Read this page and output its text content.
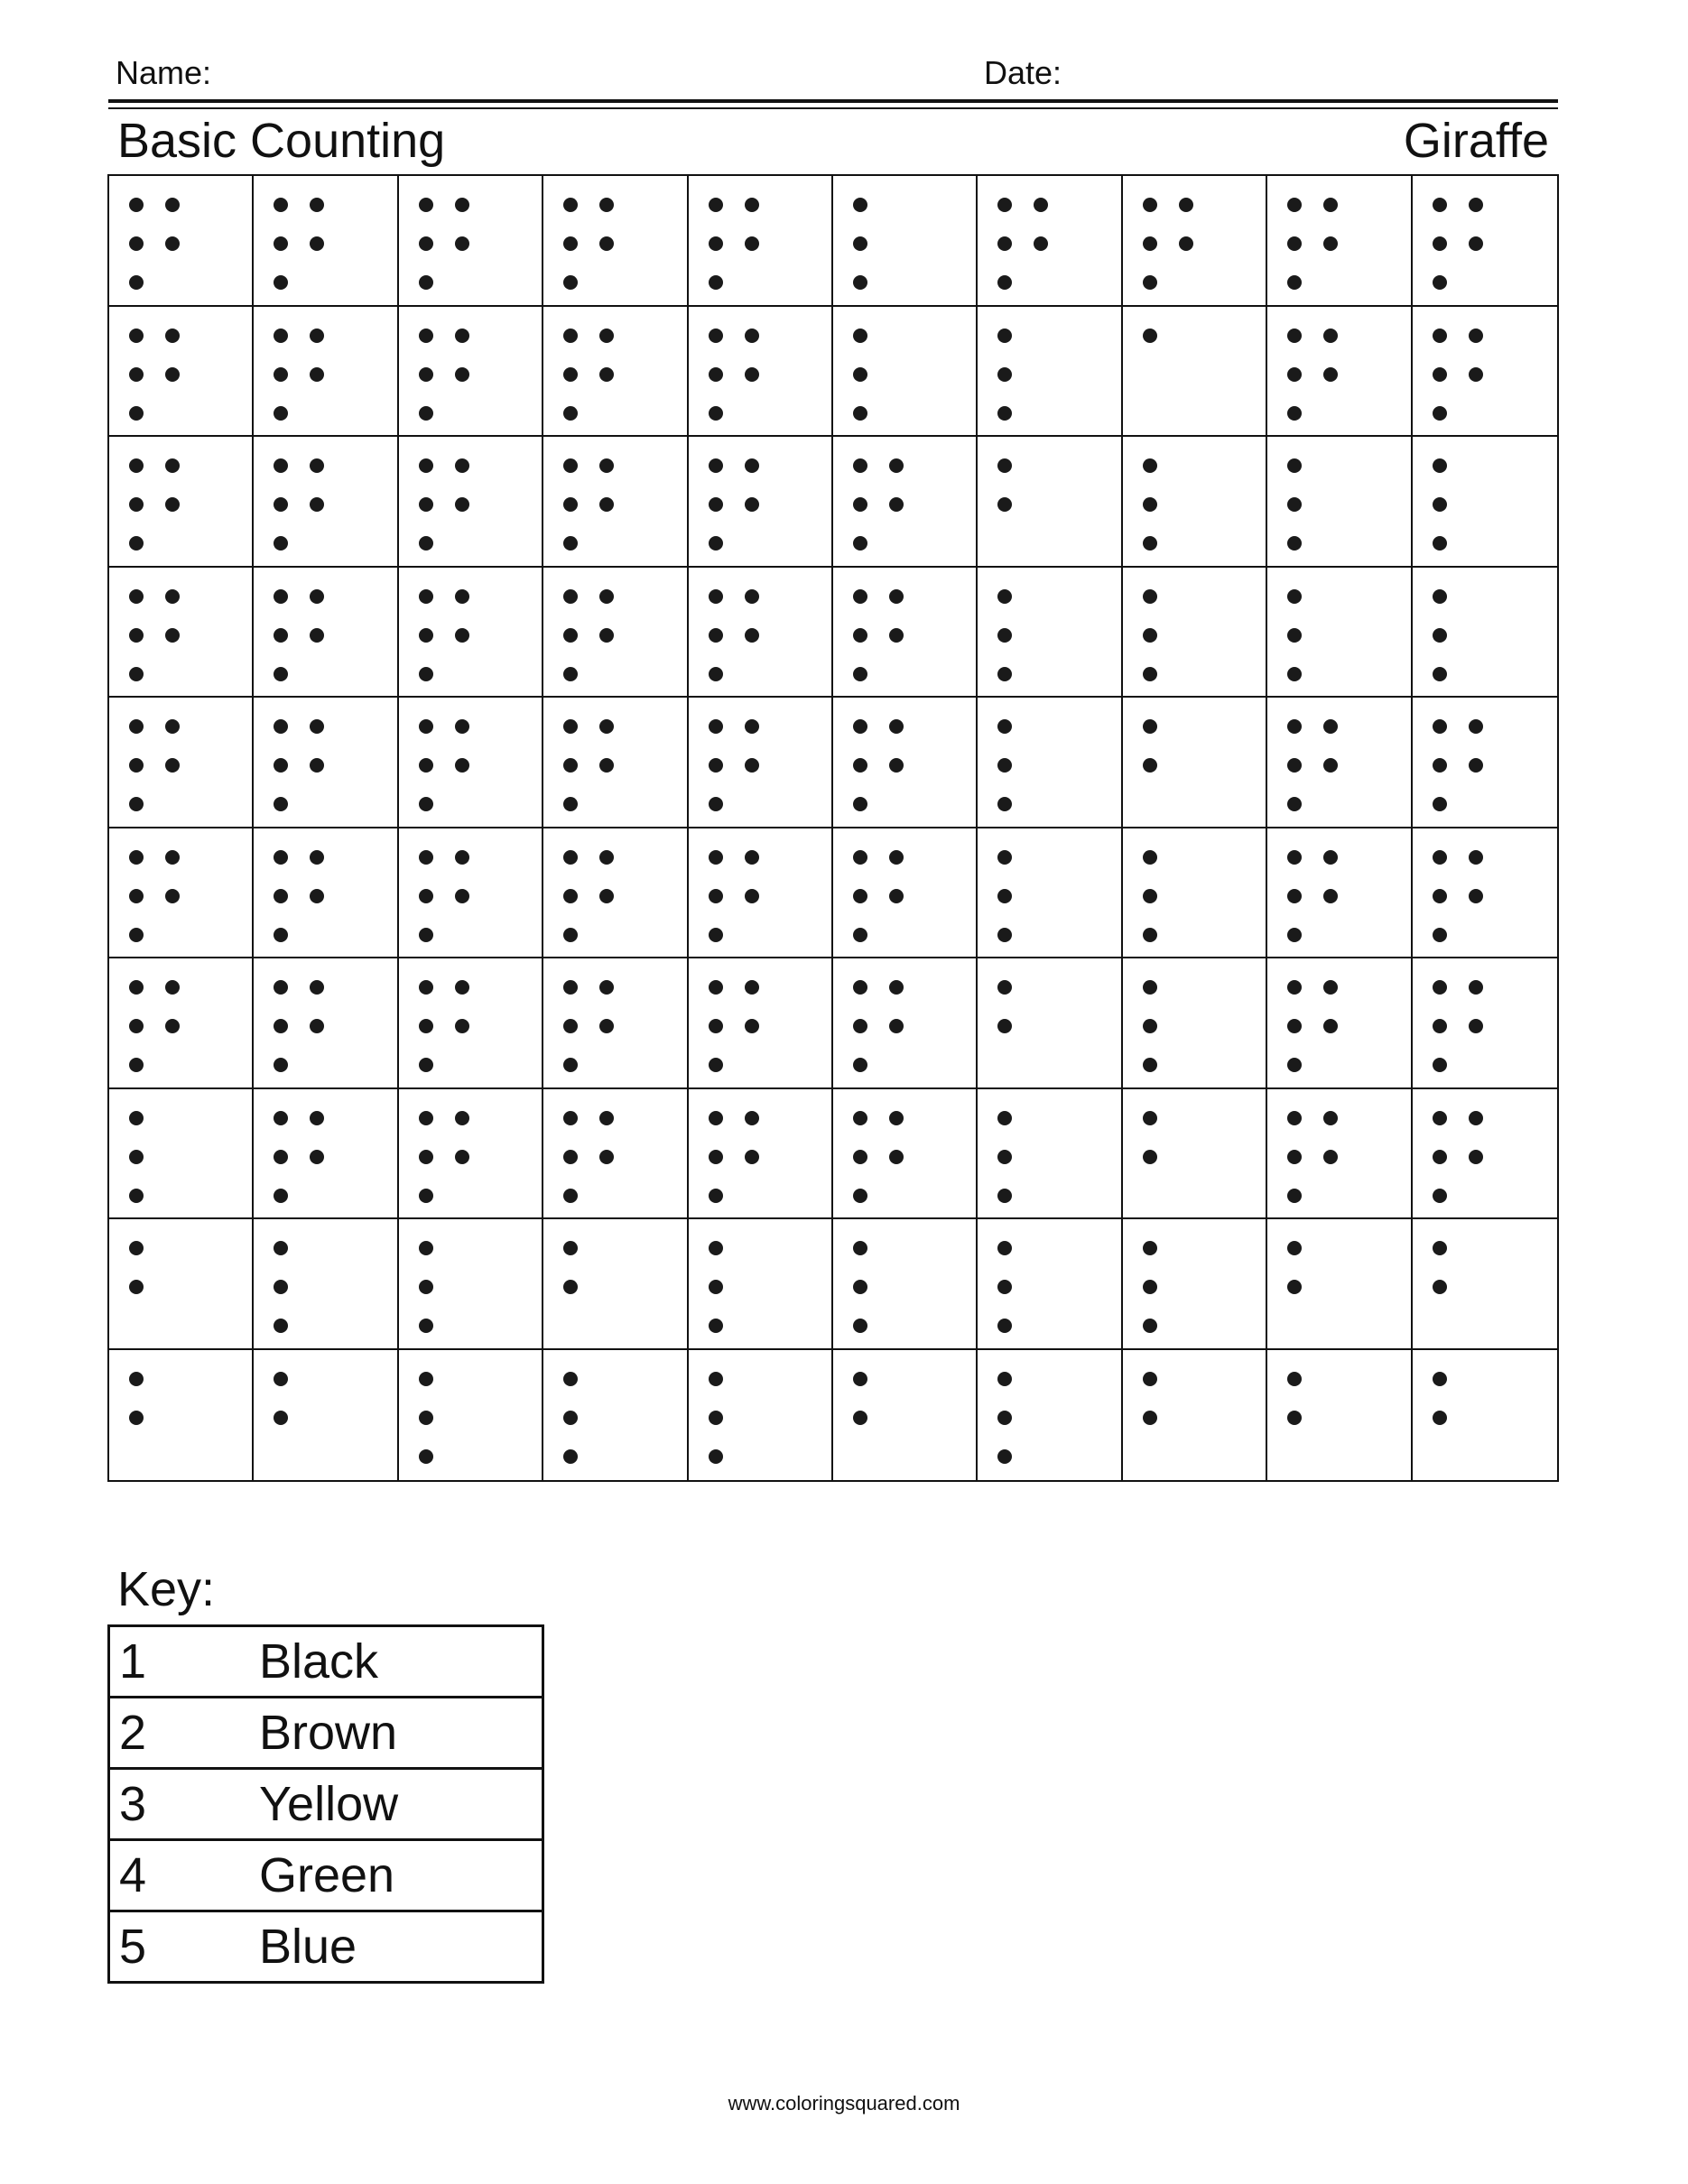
Name:	Date:
Basic Counting	Giraffe
Key:
1	Black
2	Brown
3	Yellow
4	Green
5	Blue
www.coloringsquared.com
